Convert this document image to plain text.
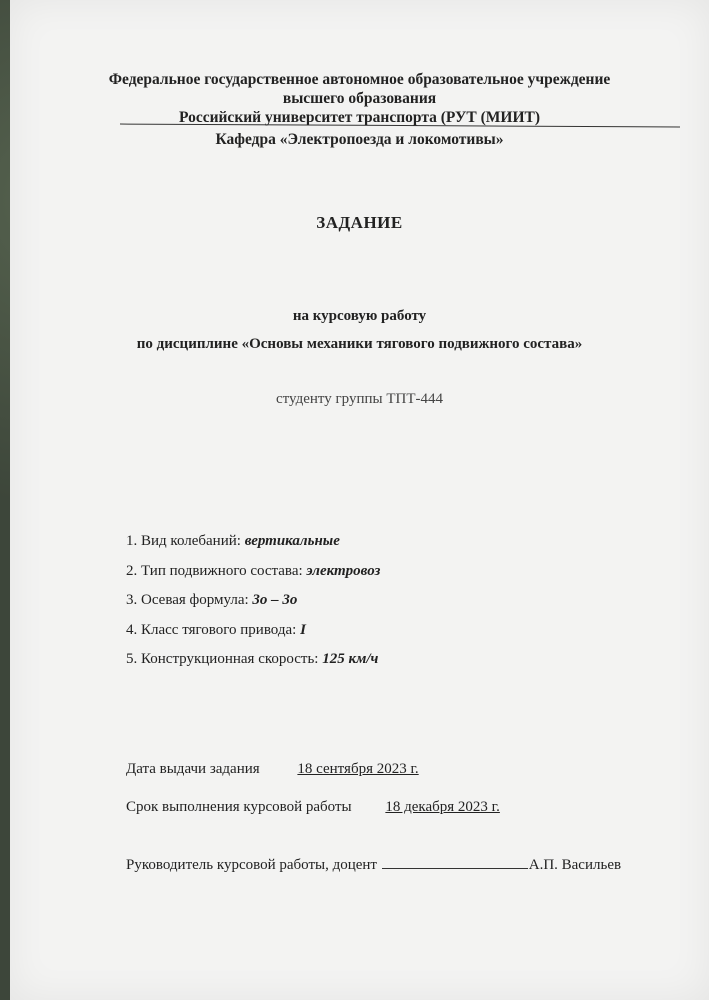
Федеральное государственное автономное образовательное учреждение
высшего образования
Российский университет транспорта (РУТ (МИИТ)
Кафедра «Электропоезда и локомотивы»
ЗАДАНИЕ
на курсовую работу
по дисциплине «Основы механики тягового подвижного состава»
студенту группы ТПТ-444
1. Вид колебаний: вертикальные
2. Тип подвижного состава: электровоз
3. Осевая формула: 3о – 3о
4. Класс тягового привода: I
5. Конструкционная скорость: 125 км/ч
Дата выдачи задания	18 сентября 2023 г.
Срок выполнения курсовой работы 18 декабря 2023 г.
Руководитель курсовой работы, доцент	А.П. Васильев
